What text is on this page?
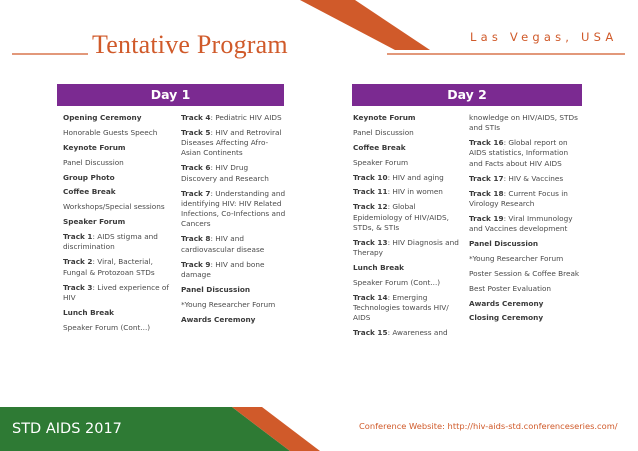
Tentative Program	Las Vegas, USA
Day 1	Day 2
Opening Ceremony
Honorable Guests Speech
Keynote Forum
Panel Discussion
Group Photo
Coffee Break
Workshops/Special sessions
Speaker Forum
Track 1: AIDS stigma and discrimination
Track 2: Viral, Bacterial, Fungal & Protozoan STDs
Track 3: Lived experience of HIV
Lunch Break
Speaker Forum (Cont...)
Track 4: Pediatric HIV AIDS
Track 5: HIV and Retroviral Diseases Affecting Afro-Asian Continents
Track 6: HIV Drug Discovery and Research
Track 7: Understanding and identifying HIV: HIV Related Infections, Co-Infections and Cancers
Track 8: HIV and cardiovascular disease
Track 9: HIV and bone damage
Panel Discussion
*Young Researcher Forum
Awards Ceremony
Keynote Forum
Panel Discussion
Coffee Break
Speaker Forum
Track 10: HIV and aging
Track 11: HIV in women
Track 12: Global Epidemiology of HIV/AIDS, STDs, & STIs
Track 13: HIV Diagnosis and Therapy
Lunch Break
Speaker Forum (Cont...)
Track 14: Emerging Technologies towards HIV/ AIDS
Track 15: Awareness and
knowledge on HIV/AIDS, STDs and STIs
Track 16: Global report on AIDS statistics, Information and Facts about HIV AIDS
Track 17: HIV & Vaccines
Track 18: Current Focus in Virology Research
Track 19: Viral Immunology and Vaccines development
Panel Discussion
*Young Researcher Forum
Poster Session & Coffee Break
Best Poster Evaluation
Awards Ceremony
Closing Ceremony
STD AIDS 2017	Conference Website: http://hiv-aids-std.conferenceseries.com/
